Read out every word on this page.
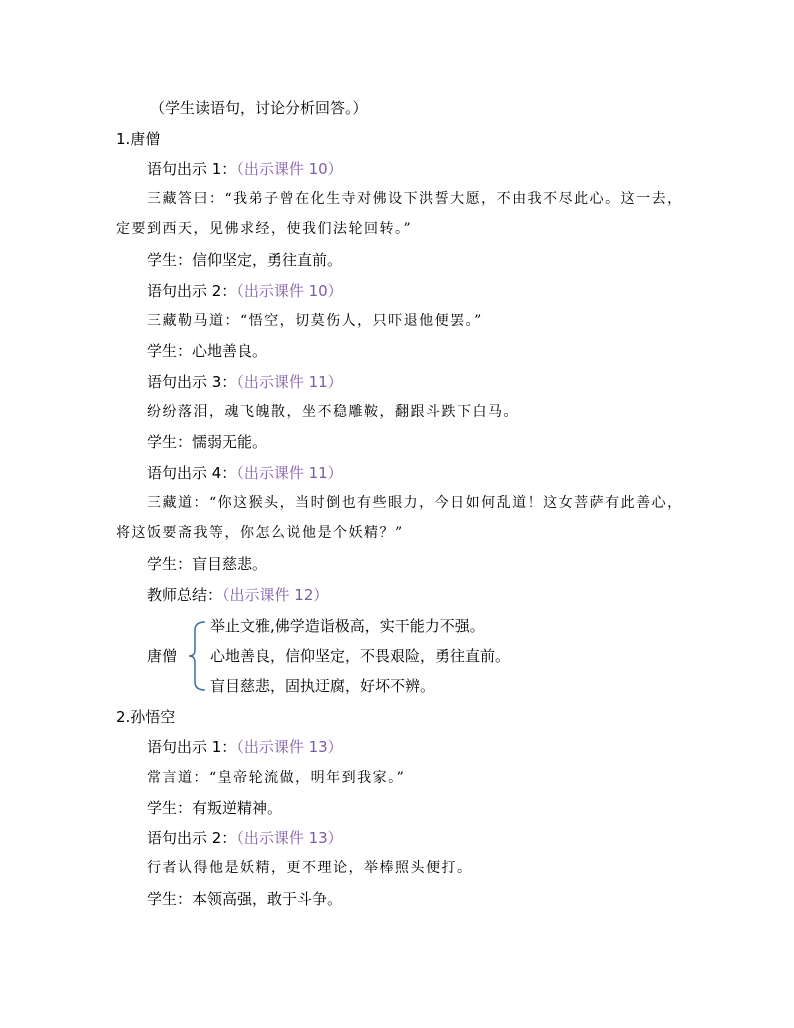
（学生读语句，讨论分析回答。）
1.唐僧
语句出示 1：（出示课件 10）
三藏答曰：“我弟子曾在化生寺对佛设下洪誓大愿，不由我不尽此心。这一去，
定要到西天，见佛求经，使我们法轮回转。”
学生：信仰坚定，勇往直前。
语句出示 2：（出示课件 10）
三藏勒马道：“悟空，切莫伤人，只吓退他便罢。”
学生：心地善良。
语句出示 3：（出示课件 11）
纷纷落泪，魂飞魄散，坐不稳雕鞍，翻跟斗跌下白马。
学生：懦弱无能。
语句出示 4：（出示课件 11）
三藏道：“你这猴头，当时倒也有些眼力，今日如何乱道！这女菩萨有此善心，
将这饭要斋我等，你怎么说他是个妖精？”
学生：盲目慈悲。
教师总结：（出示课件 12）
唐僧
举止文雅,佛学造诣极高，实干能力不强。
心地善良，信仰坚定，不畏艰险，勇往直前。
盲目慈悲，固执迂腐，好坏不辨。
2.孙悟空
语句出示 1：（出示课件 13）
常言道：“皇帝轮流做，明年到我家。”
学生：有叛逆精神。
语句出示 2：（出示课件 13）
行者认得他是妖精，更不理论，举棒照头便打。
学生：本领高强，敢于斗争。
